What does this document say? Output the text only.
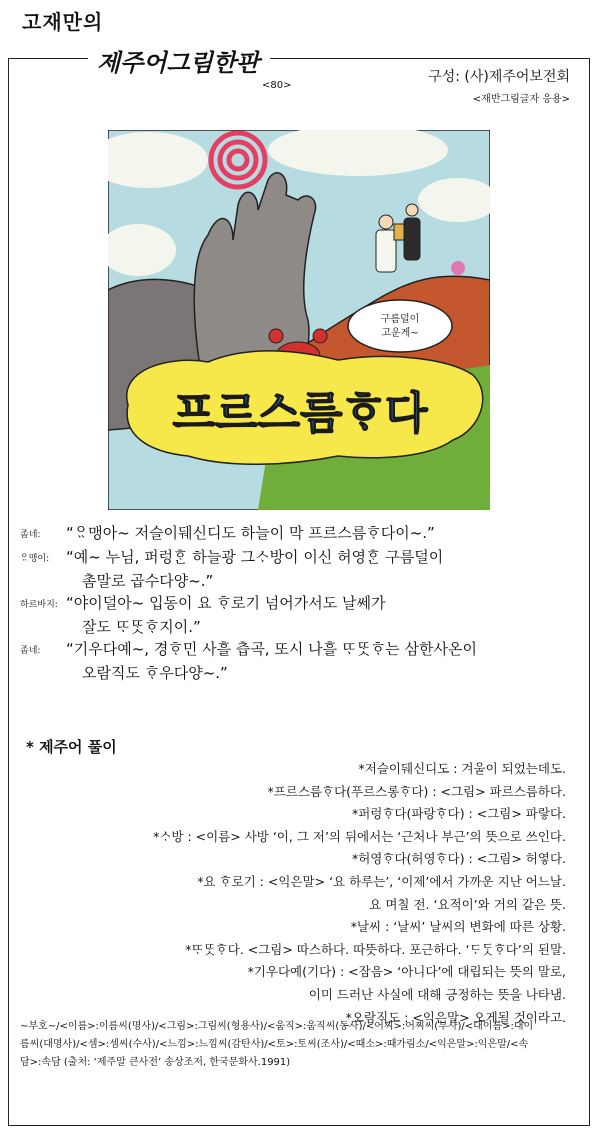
고재만의
제주어그림한판
<80>
구성: (사)제주어보전회
<재반그림글자 응용>
구름덜이
고운게~
프르스름ᄒᆞ다
좀네:	“ᄋᆢ맹아~ 저슬이뒈신디도 하늘이 막 프르스름ᄒᆞ다이~.”
ᄋᆢ맹이:	“예~ 누님, 퍼렁ᄒᆞᆫ 하늘광 그ᄉᆞ방이 이신 허영ᄒᆞᆫ 구름덜이
촘말로 곱수다양~.”
하르바지: “야이덜아~ 입동이 요 ᄒᆞ로기 넘어가서도 날쎄가
잘도 ᄄᆞᄄᆞᆺᄒᆞ지이.”
좀네:	“기우다예~, 경ᄒᆞ민 사흘 츱곡, 또시 나흘 ᄄᆞᄄᆞᆺᄒᆞ는 삼한사온이
오람직도 ᄒᆞ우다양~.”
* 제주어 풀이
*저슬이뒈신디도 : 겨울이 되었는데도.
*프르스름ᄒᆞ다(푸르스롱ᄒᆞ다) : <그림> 파르스름하다.
*퍼렁ᄒᆞ다(파랑ᄒᆞ다) : <그림> 파랗다.
*ᄉᆞ방 : <이름> 사방 ‘이, 그 저’의 뒤에서는 ‘근처나 부근’의 뜻으로 쓰인다.
*허영ᄒᆞ다(허영ᄒᆞ다) : <그림> 허옇다.
*요 ᄒᆞ로기 : <익은말> ‘요 하루는’, ‘이제’에서 가까운 지난 어느날.
요 며칠 전. ‘요적이’와 거의 같은 뜻.
*날씨 : ‘날씨’ 날씨의 변화에 따른 상황.
*ᄄᆞᄄᆞᆺᄒᆞ다. <그림> 따스하다. 따뜻하다. 포근하다. ‘ᄃᆞᄃᆞᆺᄒᆞ다’의 된말.
*기우다예(기다) : <잠음> ‘아니다’에 대립되는 뜻의 말로,
이미 드러난 사실에 대해 긍정하는 뜻을 나타냄.
*오람직도 : <익은말> 오게될 것이라고.
~부호~/<이름>:이름씨(명사)/<그림>:그림씨(형용사)/<움직>:움직씨(동사)/<어찌>:어찌씨(부사)/<대이름>:대이
름씨(대명사)/<셈>:셈씨(수사)/<느낌>:느낌씨(감탄사)/<토>:토씨(조사)/<때소>:때가림소/<익은말>:익은말/<속
담>:속담 (출처: ‘제주말 큰사전’ 송상조저, 한국문화사.1991)
